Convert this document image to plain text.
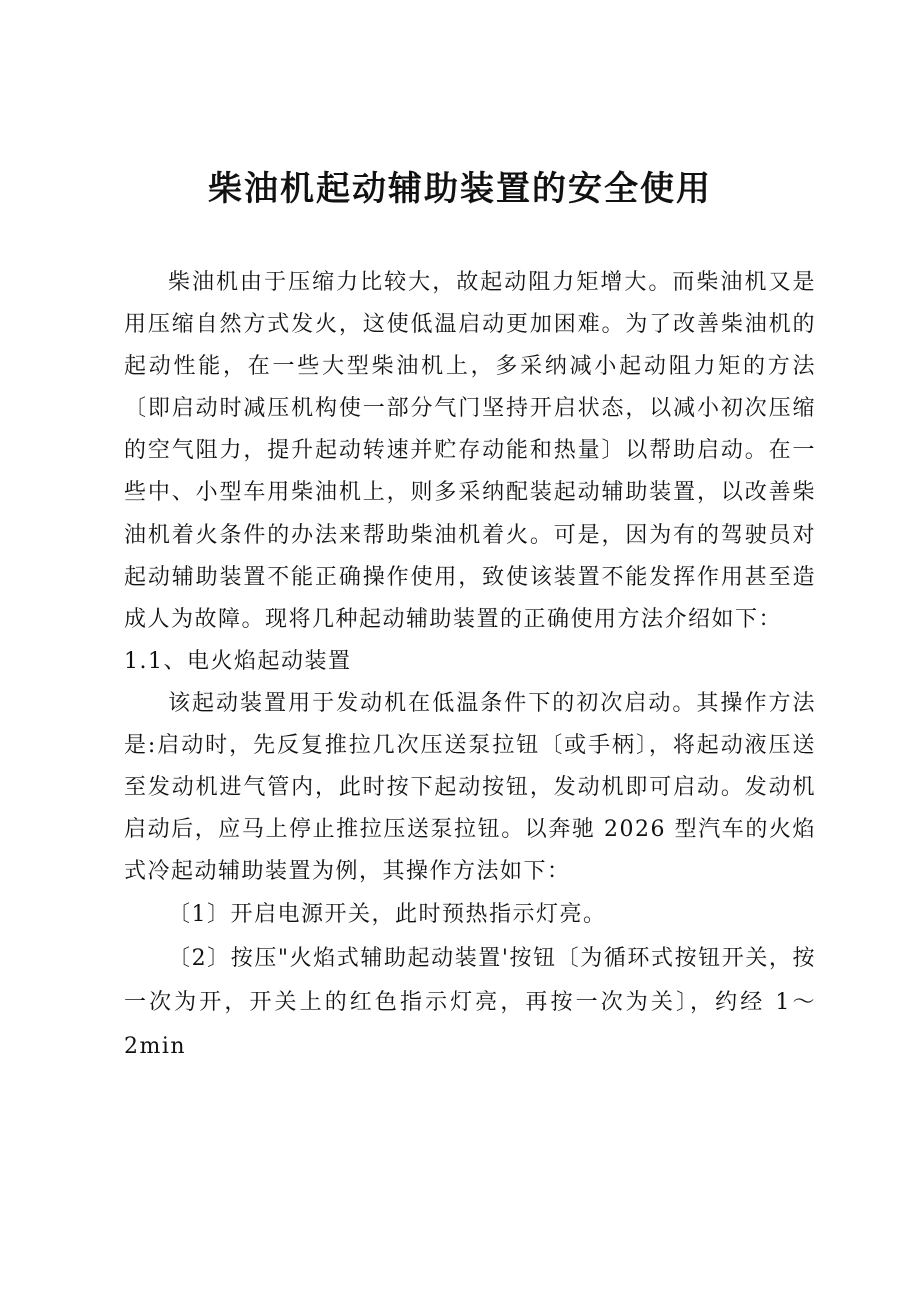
柴油机起动辅助装置的安全使用

柴油机由于压缩力比较大，故起动阻力矩增大。而柴油机又是用压缩自然方式发火，这使低温启动更加困难。为了改善柴油机的起动性能，在一些大型柴油机上，多采纳减小起动阻力矩的方法〔即启动时减压机构使一部分气门坚持开启状态，以减小初次压缩的空气阻力，提升起动转速并贮存动能和热量〕以帮助启动。在一些中、小型车用柴油机上，则多采纳配装起动辅助装置，以改善柴油机着火条件的办法来帮助柴油机着火。可是，因为有的驾驶员对起动辅助装置不能正确操作使用，致使该装置不能发挥作用甚至造成人为故障。现将几种起动辅助装置的正确使用方法介绍如下：

1.1、电火焰起动装置

该起动装置用于发动机在低温条件下的初次启动。其操作方法是:启动时，先反复推拉几次压送泵拉钮〔或手柄〕，将起动液压送至发动机进气管内，此时按下起动按钮，发动机即可启动。发动机启动后，应马上停止推拉压送泵拉钮。以奔驰 2026 型汽车的火焰式冷起动辅助装置为例，其操作方法如下：

〔1〕开启电源开关，此时预热指示灯亮。

〔2〕按压"火焰式辅助起动装置'按钮〔为循环式按钮开关，按一次为开，开关上的红色指示灯亮，再按一次为关〕，约经 1～2min
